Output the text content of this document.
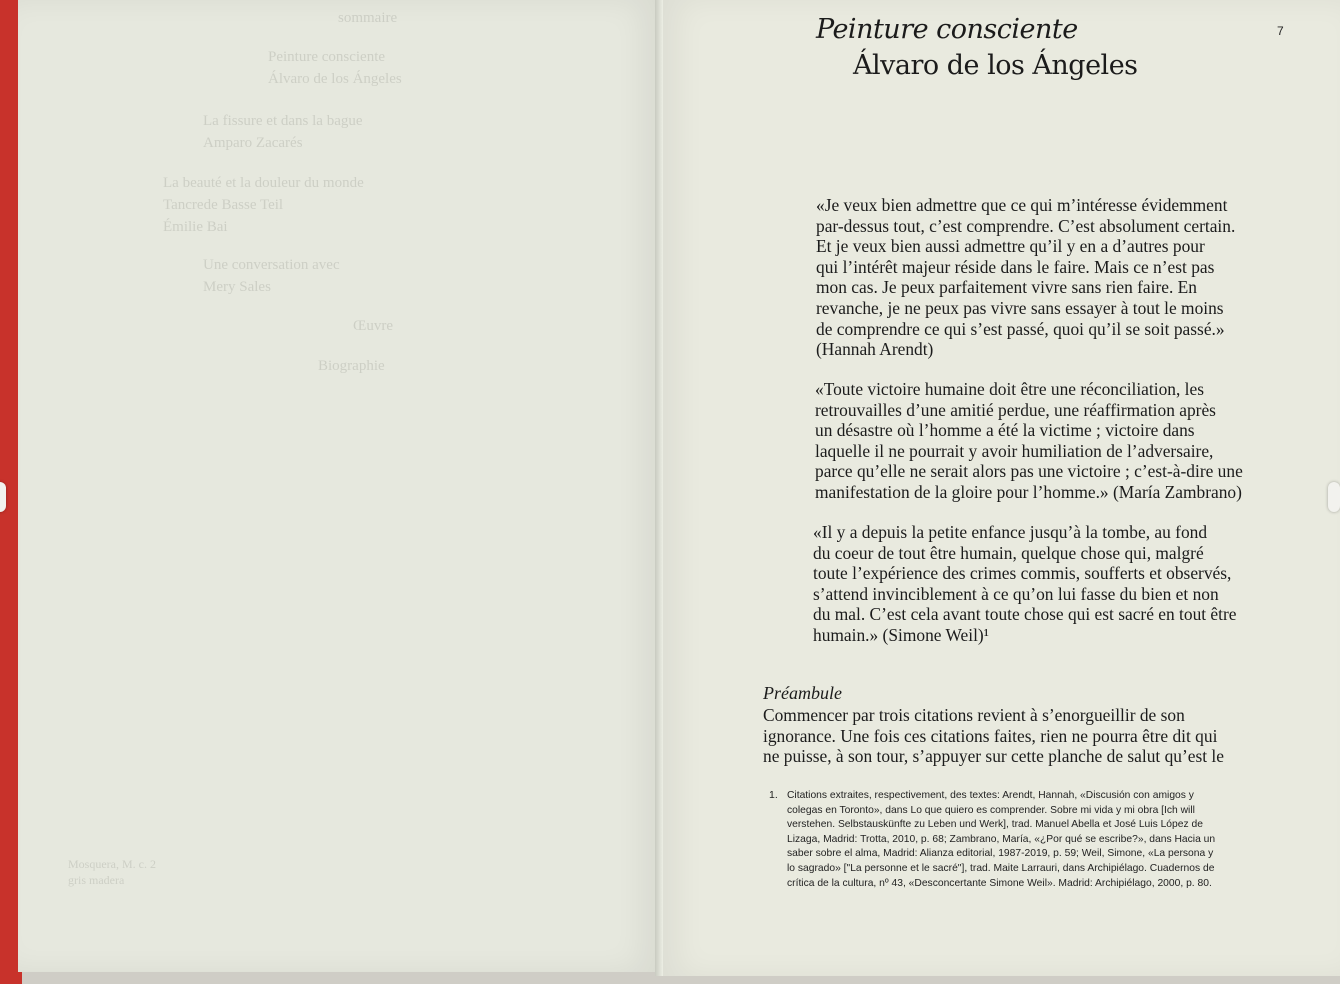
sommaire
Peinture consciente
Álvaro de los Ángeles
La fissure et dans la bague
Amparo Zacarés
La beauté et la douleur du monde
Tancrede Basse Teil
Émilie Bai
Une conversation avec
Mery Sales
Œuvre
Biographie
Mosquera, M. c. 2
gris madera
7
Peinture consciente
Álvaro de los Ángeles
«Je veux bien admettre que ce qui m’intéresse évidemment
par-dessus tout, c’est comprendre. C’est absolument certain.
Et je veux bien aussi admettre qu’il y en a d’autres pour
qui l’intérêt majeur réside dans le faire. Mais ce n’est pas
mon cas. Je peux parfaitement vivre sans rien faire. En
revanche, je ne peux pas vivre sans essayer à tout le moins
de comprendre ce qui s’est passé, quoi qu’il se soit passé.»
(Hannah Arendt)
«Toute victoire humaine doit être une réconciliation, les
retrouvailles d’une amitié perdue, une réaffirmation après
un désastre où l’homme a été la victime ; victoire dans
laquelle il ne pourrait y avoir humiliation de l’adversaire,
parce qu’elle ne serait alors pas une victoire ; c’est-à-dire une
manifestation de la gloire pour l’homme.» (María Zambrano)
«Il y a depuis la petite enfance jusqu’à la tombe, au fond
du coeur de tout être humain, quelque chose qui, malgré
toute l’expérience des crimes commis, soufferts et observés,
s’attend invinciblement à ce qu’on lui fasse du bien et non
du mal. C’est cela avant toute chose qui est sacré en tout être
humain.» (Simone Weil)¹
Préambule
Commencer par trois citations revient à s’enorgueillir de son
ignorance. Une fois ces citations faites, rien ne pourra être dit qui
ne puisse, à son tour, s’appuyer sur cette planche de salut qu’est le
1. Citations extraites, respectivement, des textes: Arendt, Hannah, «Discusión con amigos y
colegas en Toronto», dans Lo que quiero es comprender. Sobre mi vida y mi obra [Ich will
verstehen. Selbstauskünfte zu Leben und Werk], trad. Manuel Abella et José Luis López de
Lizaga, Madrid: Trotta, 2010, p. 68; Zambrano, María, «¿Por qué se escribe?», dans Hacia un
saber sobre el alma, Madrid: Alianza editorial, 1987-2019, p. 59; Weil, Simone, «La persona y
lo sagrado» ["La personne et le sacré"], trad. Maite Larrauri, dans Archipiélago. Cuadernos de
crítica de la cultura, nº 43, «Desconcertante Simone Weil». Madrid: Archipiélago, 2000, p. 80.
